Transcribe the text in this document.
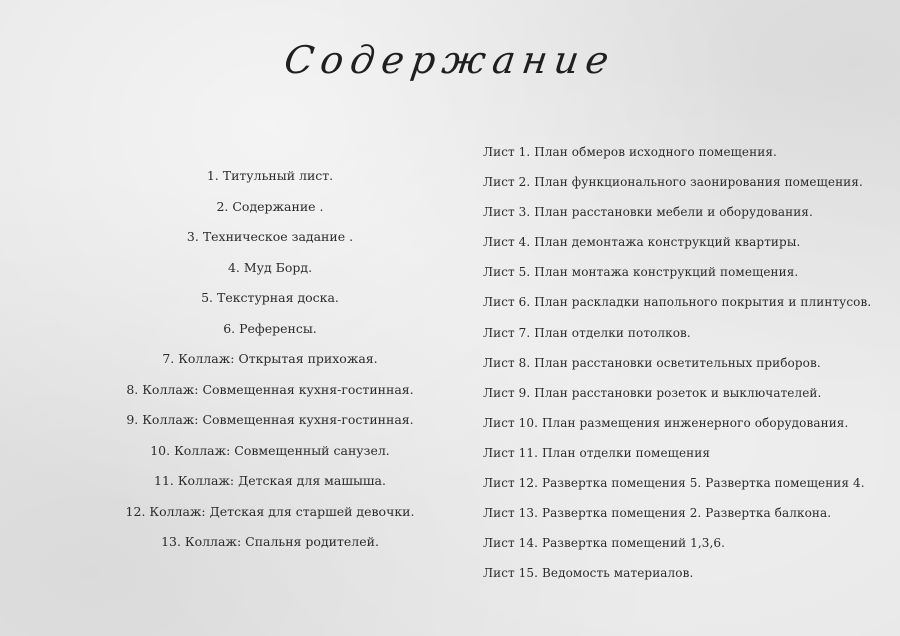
Содержание
1. Титульный лист.
2. Содержание .
3. Техническое задание .
4. Муд Борд.
5. Текстурная доска.
6. Референсы.
7. Коллаж: Открытая прихожая.
8. Коллаж: Совмещенная кухня-гостинная.
9. Коллаж: Совмещенная кухня-гостинная.
10. Коллаж: Совмещенный санузел.
11. Коллаж: Детская для машыша.
12. Коллаж: Детская для старшей девочки.
13. Коллаж: Спальня родителей.
Лист 1. План обмеров исходного помещения.
Лист 2. План функционального заонирования помещения.
Лист 3. План расстановки мебели и оборудования.
Лист 4. План демонтажа конструкций квартиры.
Лист 5. План монтажа конструкций помещения.
Лист 6. План раскладки напольного покрытия и плинтусов.
Лист 7. План отделки потолков.
Лист 8. План расстановки осветительных приборов.
Лист 9. План расстановки розеток и выключателей.
Лист 10. План размещения инженерного оборудования.
Лист 11. План отделки помещения
Лист 12. Развертка помещения 5. Развертка помещения 4.
Лист 13. Развертка помещения 2. Развертка балкона.
Лист 14. Развертка помещений 1,3,6.
Лист 15. Ведомость материалов.
